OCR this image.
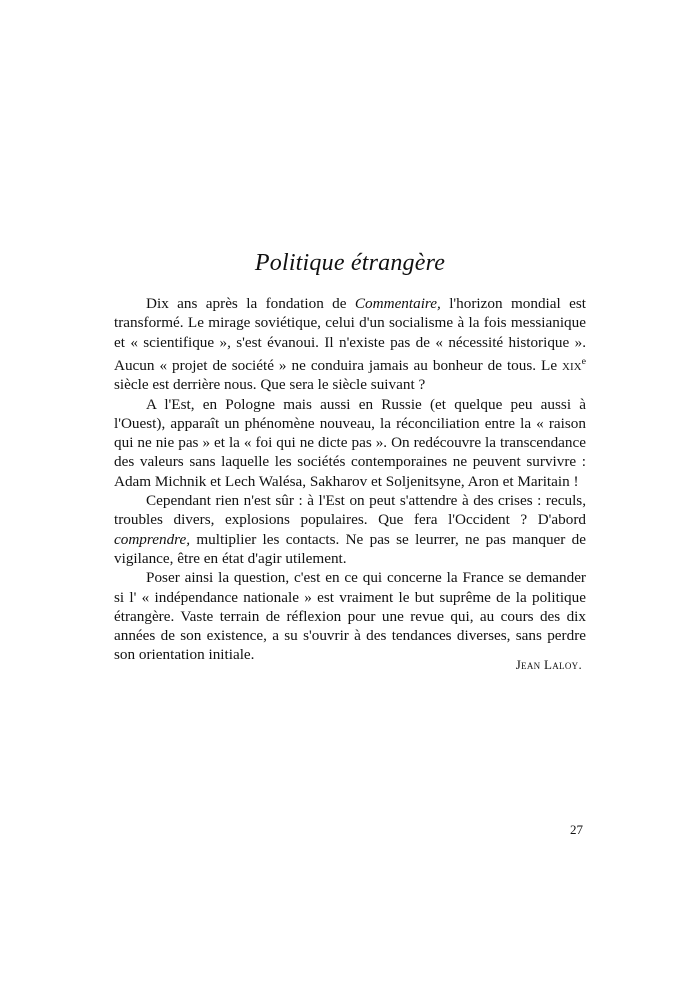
Politique étrangère

Dix ans après la fondation de Commentaire, l'horizon mondial est transformé. Le mirage soviétique, celui d'un socialisme à la fois messianique et « scientifique », s'est évanoui. Il n'existe pas de « nécessité historique ». Aucun « projet de société » ne conduira jamais au bonheur de tous. Le xix$^e$ siècle est derrière nous. Que sera le siècle suivant ?

A l'Est, en Pologne mais aussi en Russie (et quelque peu aussi à l'Ouest), apparaît un phénomène nouveau, la réconciliation entre la « raison qui ne nie pas » et la « foi qui ne dicte pas ». On redécouvre la transcendance des valeurs sans laquelle les sociétés contemporaines ne peuvent survivre : Adam Michnik et Lech Walésa, Sakharov et Soljenitsyne, Aron et Maritain !

Cependant rien n'est sûr : à l'Est on peut s'attendre à des crises : reculs, troubles divers, explosions populaires. Que fera l'Occident ? D'abord comprendre, multiplier les contacts. Ne pas se leurrer, ne pas manquer de vigilance, être en état d'agir utilement.

Poser ainsi la question, c'est en ce qui concerne la France se demander si l' « indépendance nationale » est vraiment le but suprême de la politique étrangère. Vaste terrain de réflexion pour une revue qui, au cours des dix années de son existence, a su s'ouvrir à des tendances diverses, sans perdre son orientation initiale.

Jean Laloy.
27
